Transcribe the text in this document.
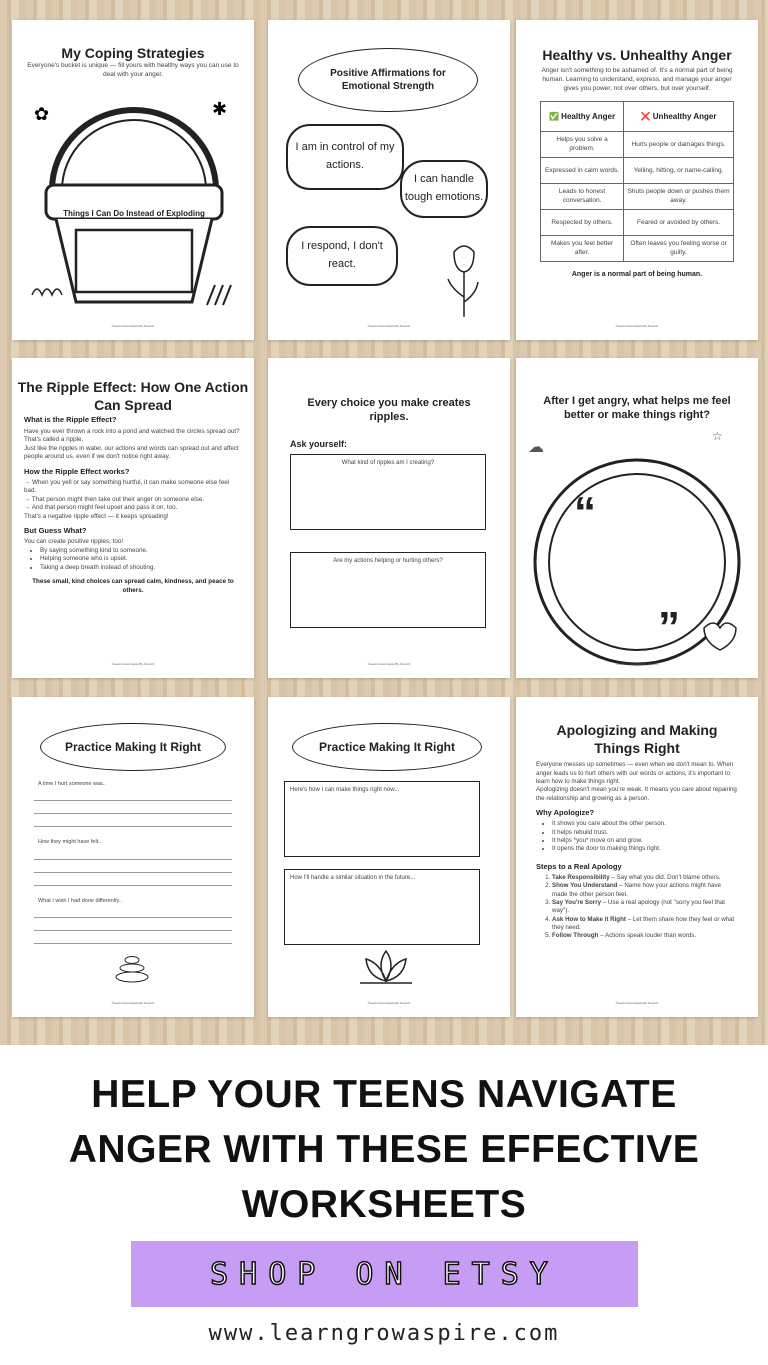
My Coping Strategies
Everyone's bucket is unique — fill yours with healthy ways you can use to deal with your anger.
✿	✱
Things I Can Do Instead of Exploding
©Learn Grow Aspire By Anna R.
Positive Affirmations for Emotional Strength
I am in control of my actions.
I can handle tough emotions.
I respond, I don't react.
©Learn Grow Aspire By Anna R.
Healthy vs. Unhealthy Anger
Anger isn't something to be ashamed of. It's a normal part of being human. Learning to understand, express, and manage your anger gives you power, not over others, but over yourself.
✅ Healthy Anger	❌ Unhealthy Anger
Helps you solve a problem.	Hurts people or damages things.
Expressed in calm words.	Yelling, hitting, or name-calling.
Leads to honest conversation.	Shuts people down or pushes them away.
Respected by others.	Feared or avoided by others.
Makes you feel better after.	Often leaves you feeling worse or guilty.
Anger is a normal part of being human.
©Learn Grow Aspire By Anna R.
The Ripple Effect: How One Action Can Spread
What is the Ripple Effect?
Have you ever thrown a rock into a pond and watched the circles spread out?
That's called a ripple.
Just like the ripples in water, our actions and words can spread out and affect people around us, even if we don't notice right away.
How the Ripple Effect works?
→ When you yell or say something hurtful, it can make someone else feel bad.
→ That person might then take out their anger on someone else.
→ And that person might feel upset and pass it on, too.
That's a negative ripple effect — it keeps spreading!
But Guess What?
You can create positive ripples, too!
• By saying something kind to someone.
• Helping someone who is upset.
• Taking a deep breath instead of shouting.
These small, kind choices can spread calm, kindness, and peace to others.
©Learn Grow Aspire By Anna R.
Every choice you make creates ripples.
Ask yourself:
What kind of ripples am I creating?
Are my actions helping or hurting others?
©Learn Grow Aspire By Anna R.
After I get angry, what helps me feel better or make things right?
“
”
☁
☆
©Learn Grow Aspire By Anna R.
Practice Making It Right
A time I hurt someone was..
How they might have felt..
What I wish I had done differently..
©Learn Grow Aspire By Anna R.
Practice Making It Right
Here's how I can make things right now...
How I'll handle a similar situation in the future...
©Learn Grow Aspire By Anna R.
Apologizing and Making Things Right
Everyone messes up sometimes — even when we don't mean to. When anger leads us to hurt others with our words or actions, it's important to learn how to make things right.
Apologizing doesn't mean you're weak. It means you care about repairing the relationship and growing as a person.
Why Apologize?
• It shows you care about the other person.
• It helps rebuild trust.
• It helps *you* move on and grow.
• It opens the door to making things right.
Steps to a Real Apology
1. Take Responsibility – Say what you did. Don't blame others.
2. Show You Understand – Name how your actions might have made the other person feel.
3. Say You're Sorry – Use a real apology (not "sorry you feel that way").
4. Ask How to Make it Right – Let them share how they feel or what they need.
5. Follow Through – Actions speak louder than words.
©Learn Grow Aspire By Anna R.
HELP YOUR TEENS NAVIGATE ANGER WITH THESE EFFECTIVE WORKSHEETS
SHOP ON ETSY
www.learngrowaspire.com
